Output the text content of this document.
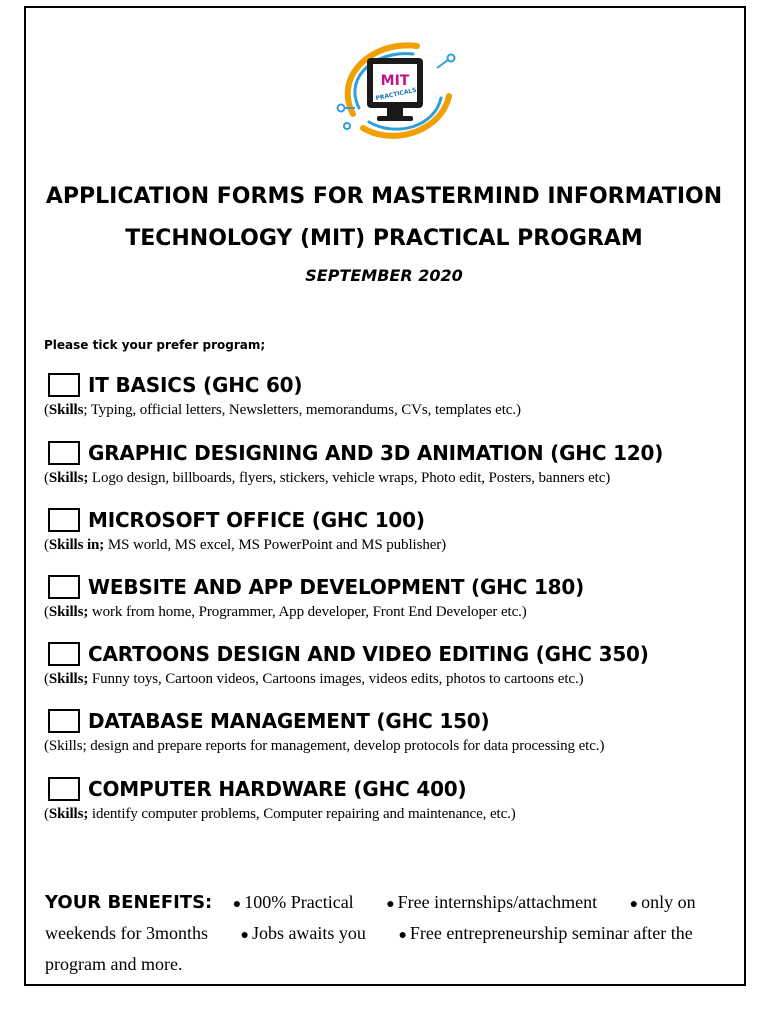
MIT
PRACTICALS
APPLICATION FORMS FOR MASTERMIND INFORMATION
TECHNOLOGY (MIT) PRACTICAL PROGRAM
SEPTEMBER 2020
Please tick your prefer program;
IT BASICS (GHC 60)
(Skills; Typing, official letters, Newsletters, memorandums, CVs, templates etc.)
GRAPHIC DESIGNING AND 3D ANIMATION (GHC 120)
(Skills; Logo design, billboards, flyers, stickers, vehicle wraps, Photo edit, Posters, banners etc)
MICROSOFT OFFICE (GHC 100)
(Skills in; MS world, MS excel, MS PowerPoint and MS publisher)
WEBSITE AND APP DEVELOPMENT (GHC 180)
(Skills; work from home, Programmer, App developer, Front End Developer etc.)
CARTOONS DESIGN AND VIDEO EDITING (GHC 350)
(Skills; Funny toys, Cartoon videos, Cartoons images, videos edits, photos to cartoons etc.)
DATABASE MANAGEMENT (GHC 150)
(Skills; design and prepare reports for management, develop protocols for data processing etc.)
COMPUTER HARDWARE (GHC 400)
(Skills; identify computer problems, Computer repairing and maintenance, etc.)
YOUR BENEFITS: ● 100% Practical ● Free internships/attachment ● only on weekends for 3months ● Jobs awaits you ● Free entrepreneurship seminar after the program and more.
